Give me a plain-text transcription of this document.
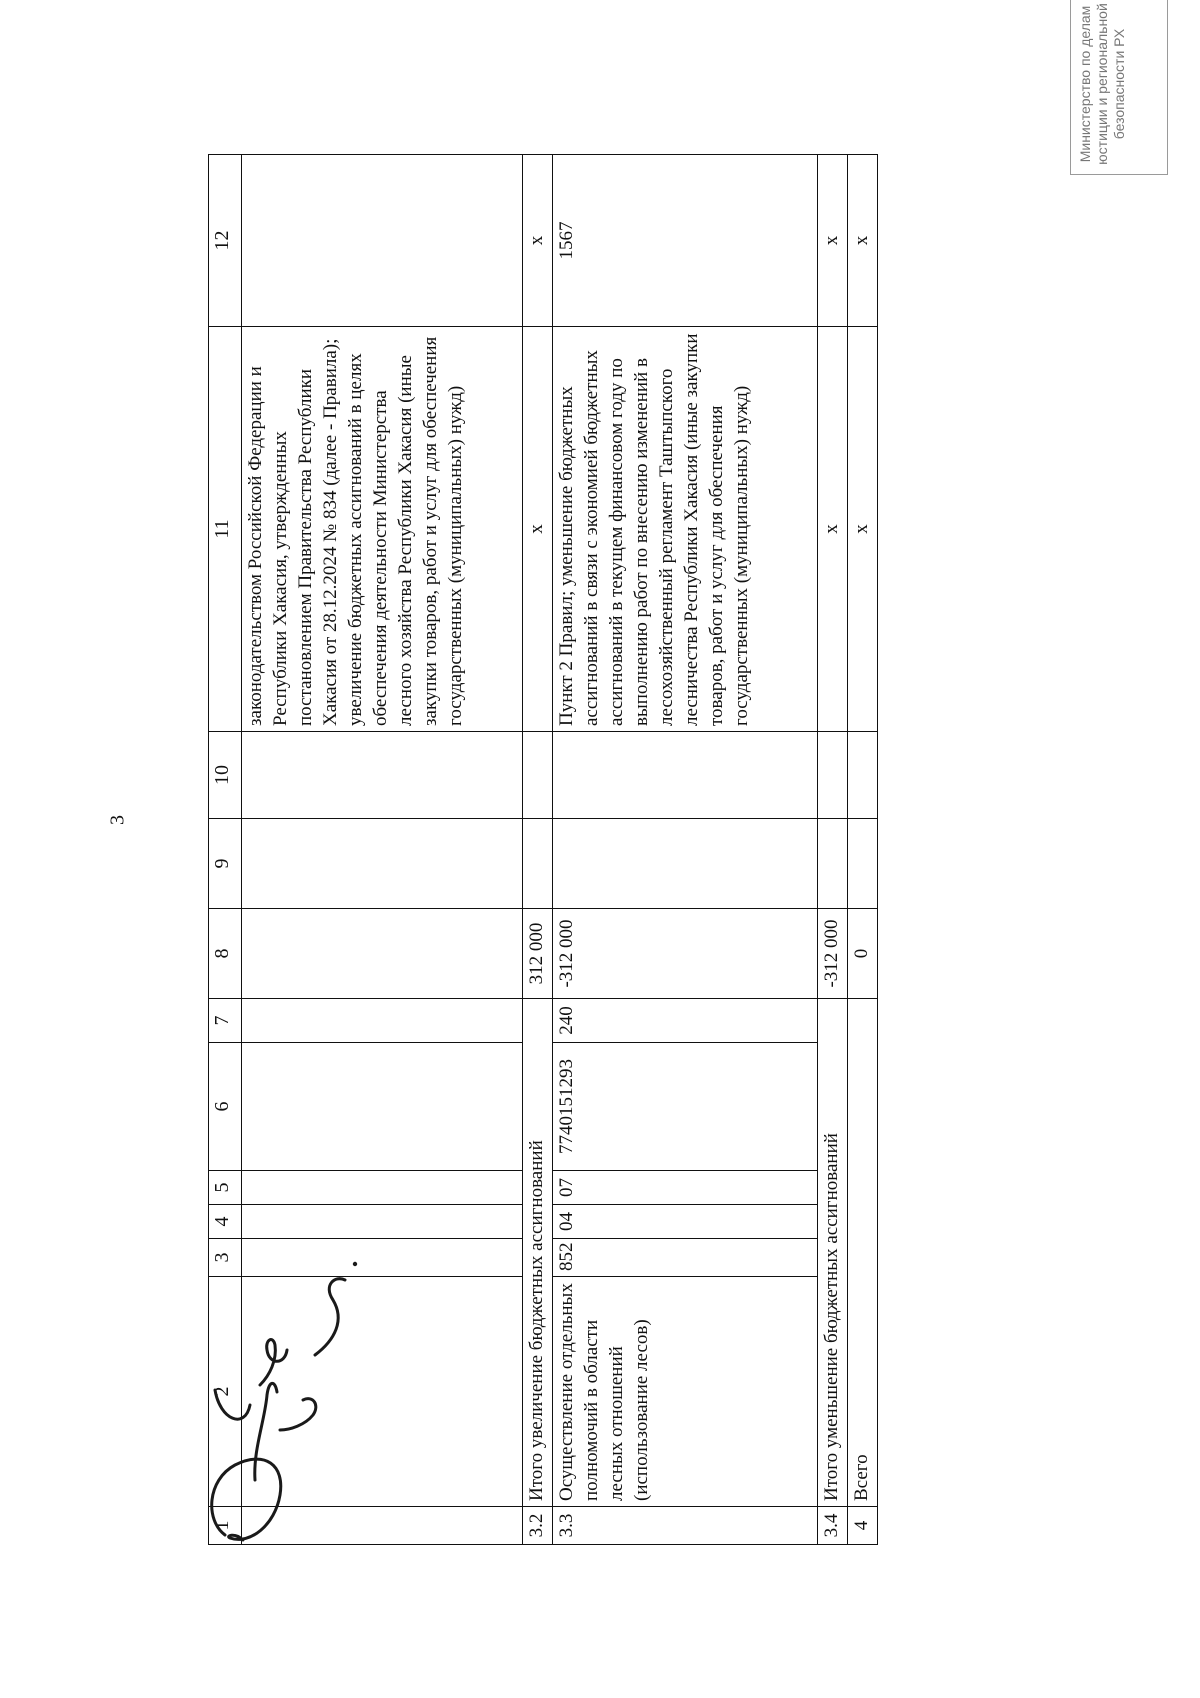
3
1	2	3	4	5	6	7	8	9	10	11	12
										законодательством Российской Федерации и Республики Хакасия, утвержденных постановлением Правительства Республики Хакасия от 28.12.2024 № 834 (далее - Правила); увеличение бюджетных ассигнований в целях обеспечения деятельности Министерства лесного хозяйства Республики Хакасия (иные закупки товаров, работ и услуг для обеспечения государственных (муниципальных) нужд)	
3.2	Итого увеличение бюджетных ассигнований						312 000			x	x
3.3	Осуществление отдельных полномочий в области лесных отношений (использование лесов)	852	04	07	7740151293	240	-312 000			Пункт 2 Правил; уменьшение бюджетных ассигнований в связи с экономией бюджетных ассигнований в текущем финансовом году по выполнению работ по внесению изменений в лесохозяйственный регламент Таштыпского лесничества Республики Хакасия (иные закупки товаров, работ и услуг для обеспечения государственных (муниципальных) нужд)	1567
3.4	Итого уменьшение бюджетных ассигнований						-312 000			x	x
4	Всего						0			x	x
Министерство по делам юстиции и региональной безопасности РХ
